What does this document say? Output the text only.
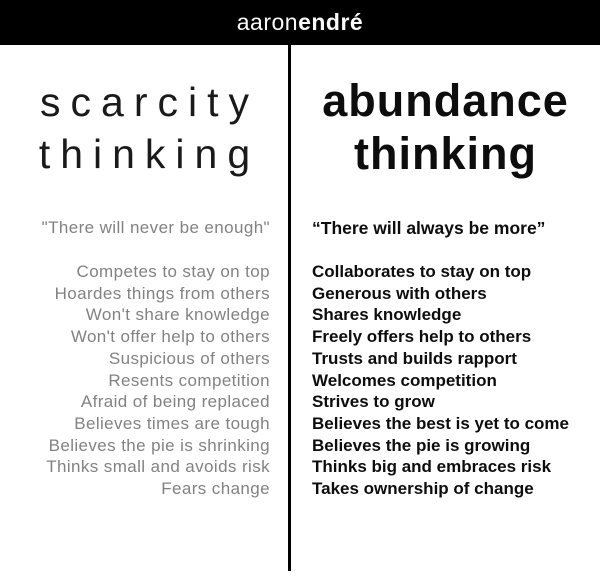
aaronendré
scarcity
thinking
"There will never be enough"
Competes to stay on top
Hoardes things from others
Won't share knowledge
Won't offer help to others
Suspicious of others
Resents competition
Afraid of being replaced
Believes times are tough
Believes the pie is shrinking
Thinks small and avoids risk
Fears change
abundance
thinking
“There will always be more”
Collaborates to stay on top
Generous with others
Shares knowledge
Freely offers help to others
Trusts and builds rapport
Welcomes competition
Strives to grow
Believes the best is yet to come
Believes the pie is growing
Thinks big and embraces risk
Takes ownership of change
